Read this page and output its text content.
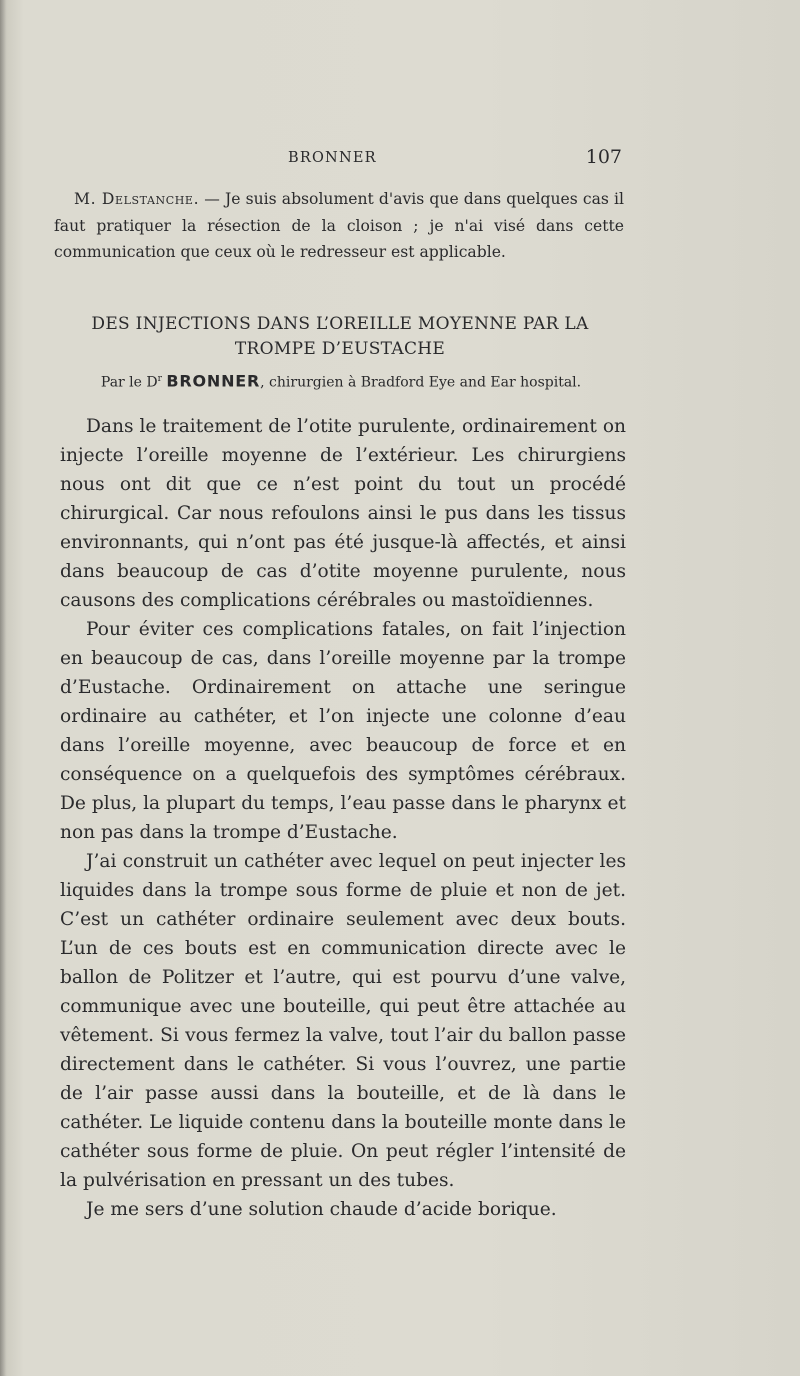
BRONNER	107

M. Delstanche. — Je suis absolument d'avis que dans quelques cas il faut pratiquer la résection de la cloison ; je n'ai visé dans cette communication que ceux où le redresseur est applicable.

DES INJECTIONS DANS L’OREILLE MOYENNE PAR LA
TROMPE D’EUSTACHE

Par le $D^r$ BRONNER, chirurgien à Bradford Eye and Ear hospital.

Dans le traitement de l’otite purulente, ordinairement on injecte l’oreille moyenne de l’extérieur. Les chirurgiens nous ont dit que ce n’est point du tout un procédé chirurgical. Car nous refoulons ainsi le pus dans les tissus environnants, qui n’ont pas été jusque-là affectés, et ainsi dans beaucoup de cas d’otite moyenne purulente, nous causons des complications cérébrales ou mastoïdiennes.

Pour éviter ces complications fatales, on fait l’injection en beaucoup de cas, dans l’oreille moyenne par la trompe d’Eustache. Ordinairement on attache une seringue ordinaire au cathéter, et l’on injecte une colonne d’eau dans l’oreille moyenne, avec beaucoup de force et en conséquence on a quelquefois des symptômes cérébraux. De plus, la plupart du temps, l’eau passe dans le pharynx et non pas dans la trompe d’Eustache.

J’ai construit un cathéter avec lequel on peut injecter les liquides dans la trompe sous forme de pluie et non de jet. C’est un cathéter ordinaire seulement avec deux bouts. L’un de ces bouts est en communication directe avec le ballon de Politzer et l’autre, qui est pourvu d’une valve, communique avec une bouteille, qui peut être attachée au vêtement. Si vous fermez la valve, tout l’air du ballon passe directement dans le cathéter. Si vous l’ouvrez, une partie de l’air passe aussi dans la bouteille, et de là dans le cathéter. Le liquide contenu dans la bouteille monte dans le cathéter sous forme de pluie. On peut régler l’intensité de la pulvérisation en pressant un des tubes.

Je me sers d’une solution chaude d’acide borique.
